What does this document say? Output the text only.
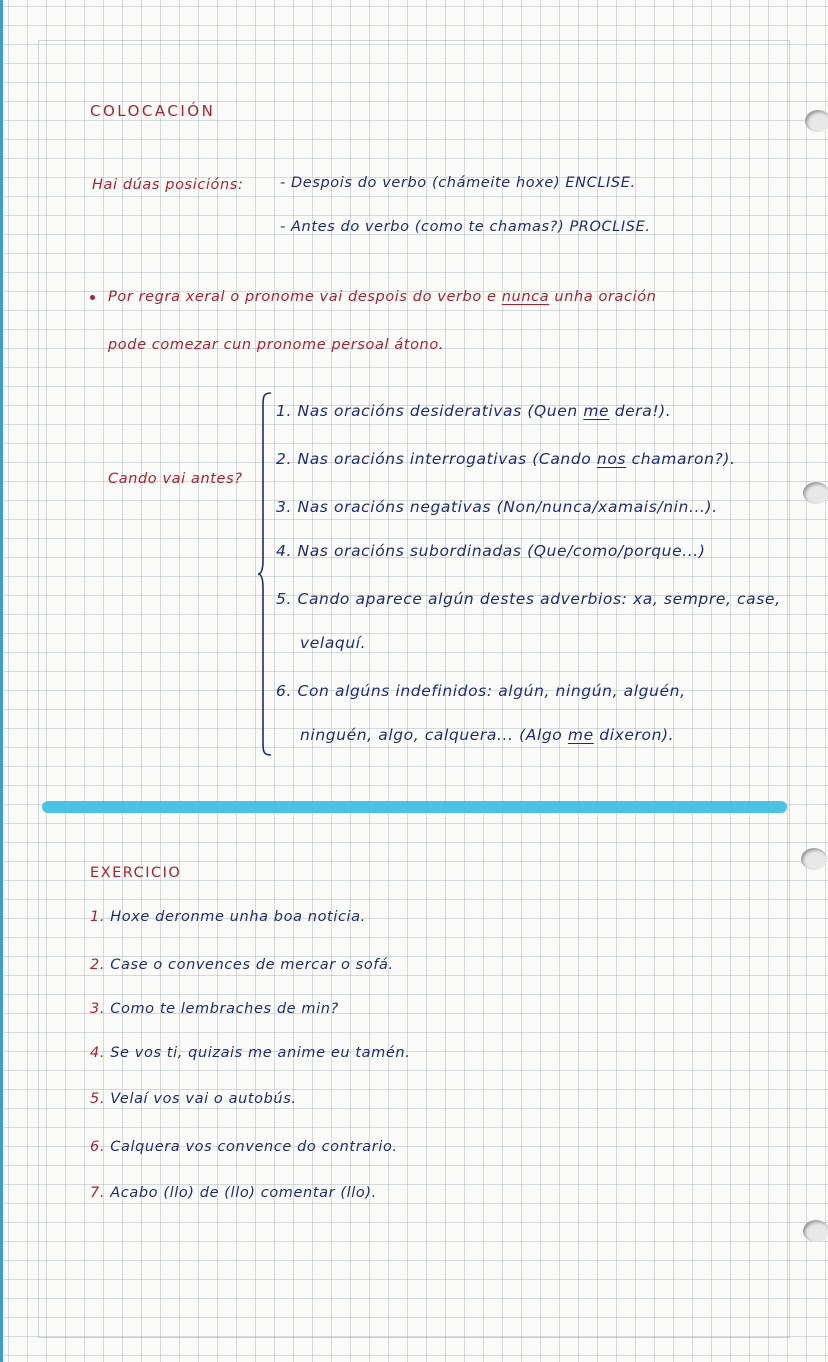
COLOCACIÓN
Hai dúas posicións:	- Despois do verbo (chámeite hoxe) ENCLISE.
- Antes do verbo (como te chamas?) PROCLISE.
Por regra xeral o pronome vai despois do verbo e nunca unha oración
pode comezar cun pronome persoal átono.
Cando vai antes?
1. Nas oracións desiderativas (Quen me dera!).
2. Nas oracións interrogativas (Cando nos chamaron?).
3. Nas oracións negativas (Non/nunca/xamais/nin...).
4. Nas oracións subordinadas (Que/como/porque...)
5. Cando aparece algún destes adverbios: xa, sempre, case,
velaquí.
6. Con algúns indefinidos: algún, ningún, alguén,
ninguén, algo, calquera... (Algo me dixeron).
EXERCICIO
1. Hoxe deronme unha boa noticia.
2. Case o convences de mercar o sofá.
3. Como te lembraches de min?
4. Se vos ti, quizais me anime eu tamén.
5. Velaí vos vai o autobús.
6. Calquera vos convence do contrario.
7. Acabo (llo) de (llo) comentar (llo).
